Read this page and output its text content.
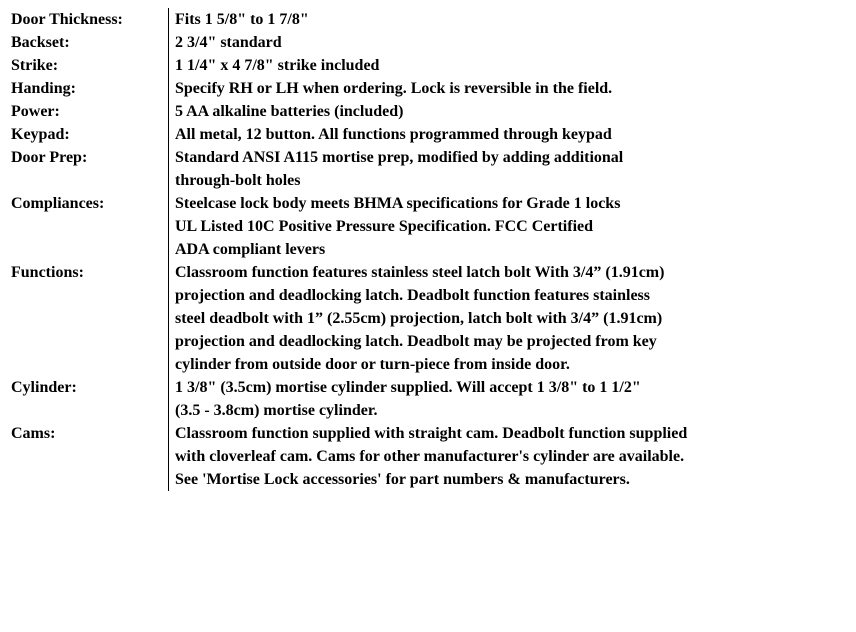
Door Thickness:	Fits 1 5/8" to 1 7/8"
Backset:	2 3/4" standard
Strike:	1 1/4" x 4 7/8" strike included
Handing:	Specify RH or LH when ordering. Lock is reversible in the field.
Power:	5 AA alkaline batteries (included)
Keypad:	All metal, 12 button. All functions programmed through keypad
Door Prep:	Standard ANSI A115 mortise prep, modified by adding additional
through-bolt holes
Compliances:	Steelcase lock body meets BHMA specifications for Grade 1 locks
UL Listed 10C Positive Pressure Specification. FCC Certified
ADA compliant levers
Functions:	Classroom function features stainless steel latch bolt With 3/4” (1.91cm)
projection and deadlocking latch. Deadbolt function features stainless
steel deadbolt with 1” (2.55cm) projection, latch bolt with 3/4” (1.91cm)
projection and deadlocking latch. Deadbolt may be projected from key
cylinder from outside door or turn-piece from inside door.
Cylinder:	1 3/8" (3.5cm) mortise cylinder supplied. Will accept 1 3/8" to 1 1/2"
(3.5 - 3.8cm) mortise cylinder.
Cams:	Classroom function supplied with straight cam. Deadbolt function supplied
with cloverleaf cam. Cams for other manufacturer's cylinder are available.
See 'Mortise Lock accessories' for part numbers & manufacturers.
